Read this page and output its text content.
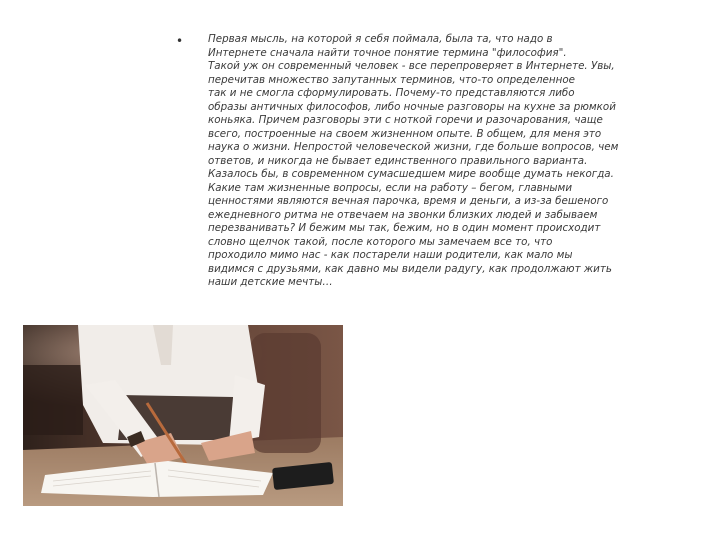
• Первая мысль, на которой я себя поймала, была та, что надо в
Интернете сначала найти точное понятие термина "философия".
Такой уж он современный человек - все перепроверяет в Интернете. Увы,
перечитав множество запутанных терминов, что-то определенное
так и не смогла сформулировать. Почему-то представляются либо
образы античных философов, либо ночные разговоры на кухне за рюмкой
коньяка. Причем разговоры эти с ноткой горечи и разочарования, чаще
всего, построенные на своем жизненном опыте. В общем, для меня это
наука о жизни. Непростой человеческой жизни, где больше вопросов, чем
ответов, и никогда не бывает единственного правильного варианта.
Казалось бы, в современном сумасшедшем мире вообще думать некогда.
Какие там жизненные вопросы, если на работу – бегом, главными
ценностями являются вечная парочка, время и деньги, а из-за бешеного
ежедневного ритма не отвечаем на звонки близких людей и забываем
перезванивать? И бежим мы так, бежим, но в один момент происходит
словно щелчок такой, после которого мы замечаем все то, что
проходило мимо нас - как постарели наши родители, как мало мы
видимся с друзьями, как давно мы видели радугу, как продолжают жить
наши детские мечты…
